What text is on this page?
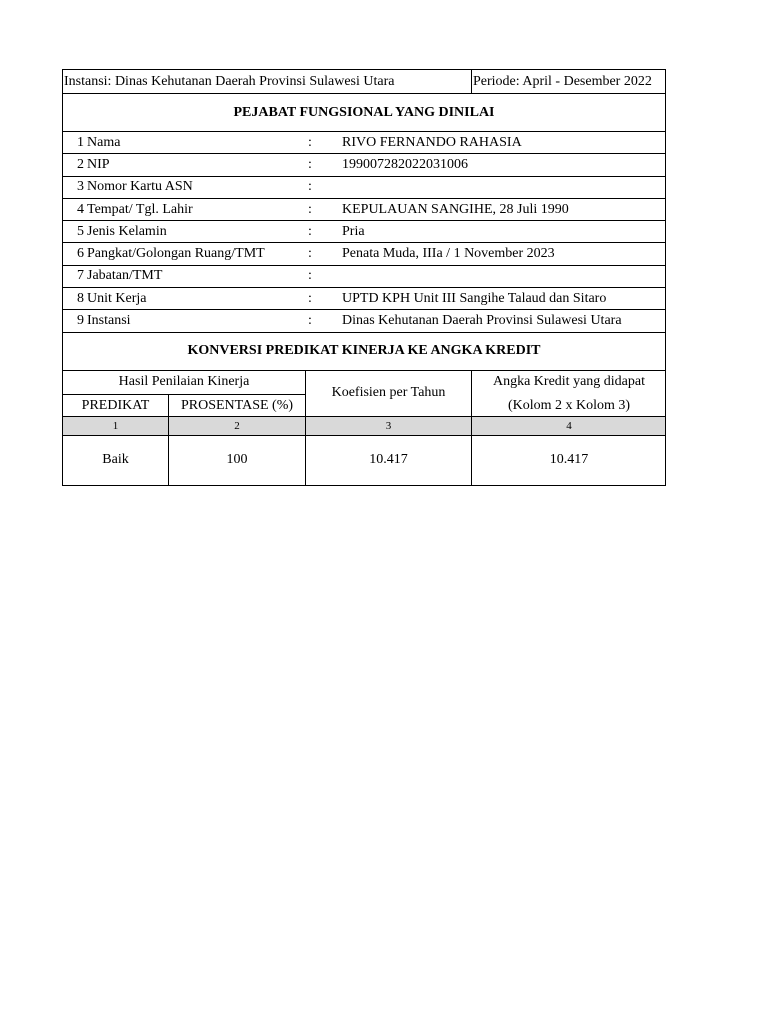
Instansi: Dinas Kehutanan Daerah Provinsi Sulawesi Utara	Periode: April - Desember 2022
PEJABAT FUNGSIONAL YANG DINILAI
1 Nama	:	RIVO FERNANDO RAHASIA
2 NIP	:	199007282022031006
3 Nomor Kartu ASN	:
4 Tempat/ Tgl. Lahir	:	KEPULAUAN SANGIHE, 28 Juli 1990
5 Jenis Kelamin	:	Pria
6 Pangkat/Golongan Ruang/TMT	:	Penata Muda, IIIa / 1 November 2023
7 Jabatan/TMT	:
8 Unit Kerja	:	UPTD KPH Unit III Sangihe Talaud dan Sitaro
9 Instansi	:	Dinas Kehutanan Daerah Provinsi Sulawesi Utara
KONVERSI PREDIKAT KINERJA KE ANGKA KREDIT
Hasil Penilaian Kinerja
PREDIKAT	PROSENTASE (%)
Koefisien per Tahun
Angka Kredit yang didapat
(Kolom 2 x Kolom 3)
1	2	3	4
Baik	100	10.417	10.417
